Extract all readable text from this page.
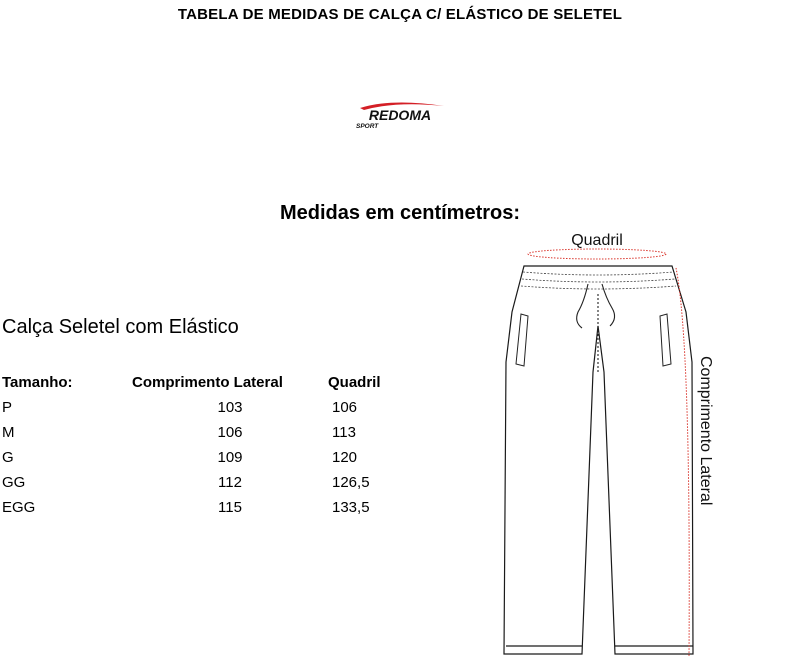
TABELA DE MEDIDAS DE CALÇA C/ ELÁSTICO DE SELETEL
REDOMA
SPORT
Medidas em centímetros:
Calça Seletel com Elástico
Tamanho:	Comprimento Lateral	Quadril
P	103	106
M	106	113
G	109	120
GG	112	126,5
EGG	115	133,5
Quadril
Comprimento Lateral
